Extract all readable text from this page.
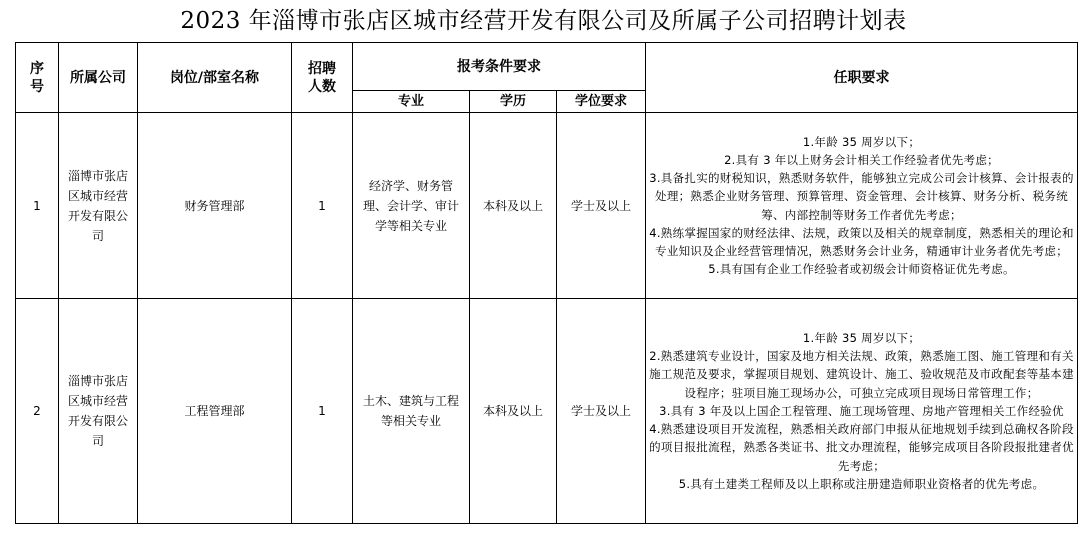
2023 年淄博市张店区城市经营开发有限公司及所属子公司招聘计划表
序号	所属公司	岗位/部室名称	招聘人数	报考条件要求			任职要求
				专业	学历	学位要求	
1	淄博市张店区城市经营开发有限公司	财务管理部	1	经济学、财务管理、会计学、审计学等相关专业	本科及以上	学士及以上	1.年龄 35 周岁以下；
2.具有 3 年以上财务会计相关工作经验者优先考虑；
3.具备扎实的财税知识，熟悉财务软件，能够独立完成公司会计核算、会计报表的处理；熟悉企业财务管理、预算管理、资金管理、会计核算、财务分析、税务统筹、内部控制等财务工作者优先考虑；
4.熟练掌握国家的财经法律、法规，政策以及相关的规章制度，熟悉相关的理论和专业知识及企业经营管理情况，熟悉财务会计业务，精通审计业务者优先考虑；
5.具有国有企业工作经验者或初级会计师资格证优先考虑。

2	淄博市张店区城市经营开发有限公司	工程管理部	1	土木、建筑与工程等相关专业	本科及以上	学士及以上	1.年龄 35 周岁以下；
2.熟悉建筑专业设计，国家及地方相关法规、政策，熟悉施工图、施工管理和有关施工规范及要求，掌握项目规划、建筑设计、施工、验收规范及市政配套等基本建设程序；驻项目施工现场办公，可独立完成项目现场日常管理工作；
3.具有 3 年及以上国企工程管理、施工现场管理、房地产管理相关工作经验优
4.熟悉建设项目开发流程，熟悉相关政府部门申报从征地规划手续到总确权各阶段的项目报批流程，熟悉各类证书、批文办理流程，能够完成项目各阶段报批建者优先考虑；
5.具有土建类工程师及以上职称或注册建造师职业资格者的优先考虑。
